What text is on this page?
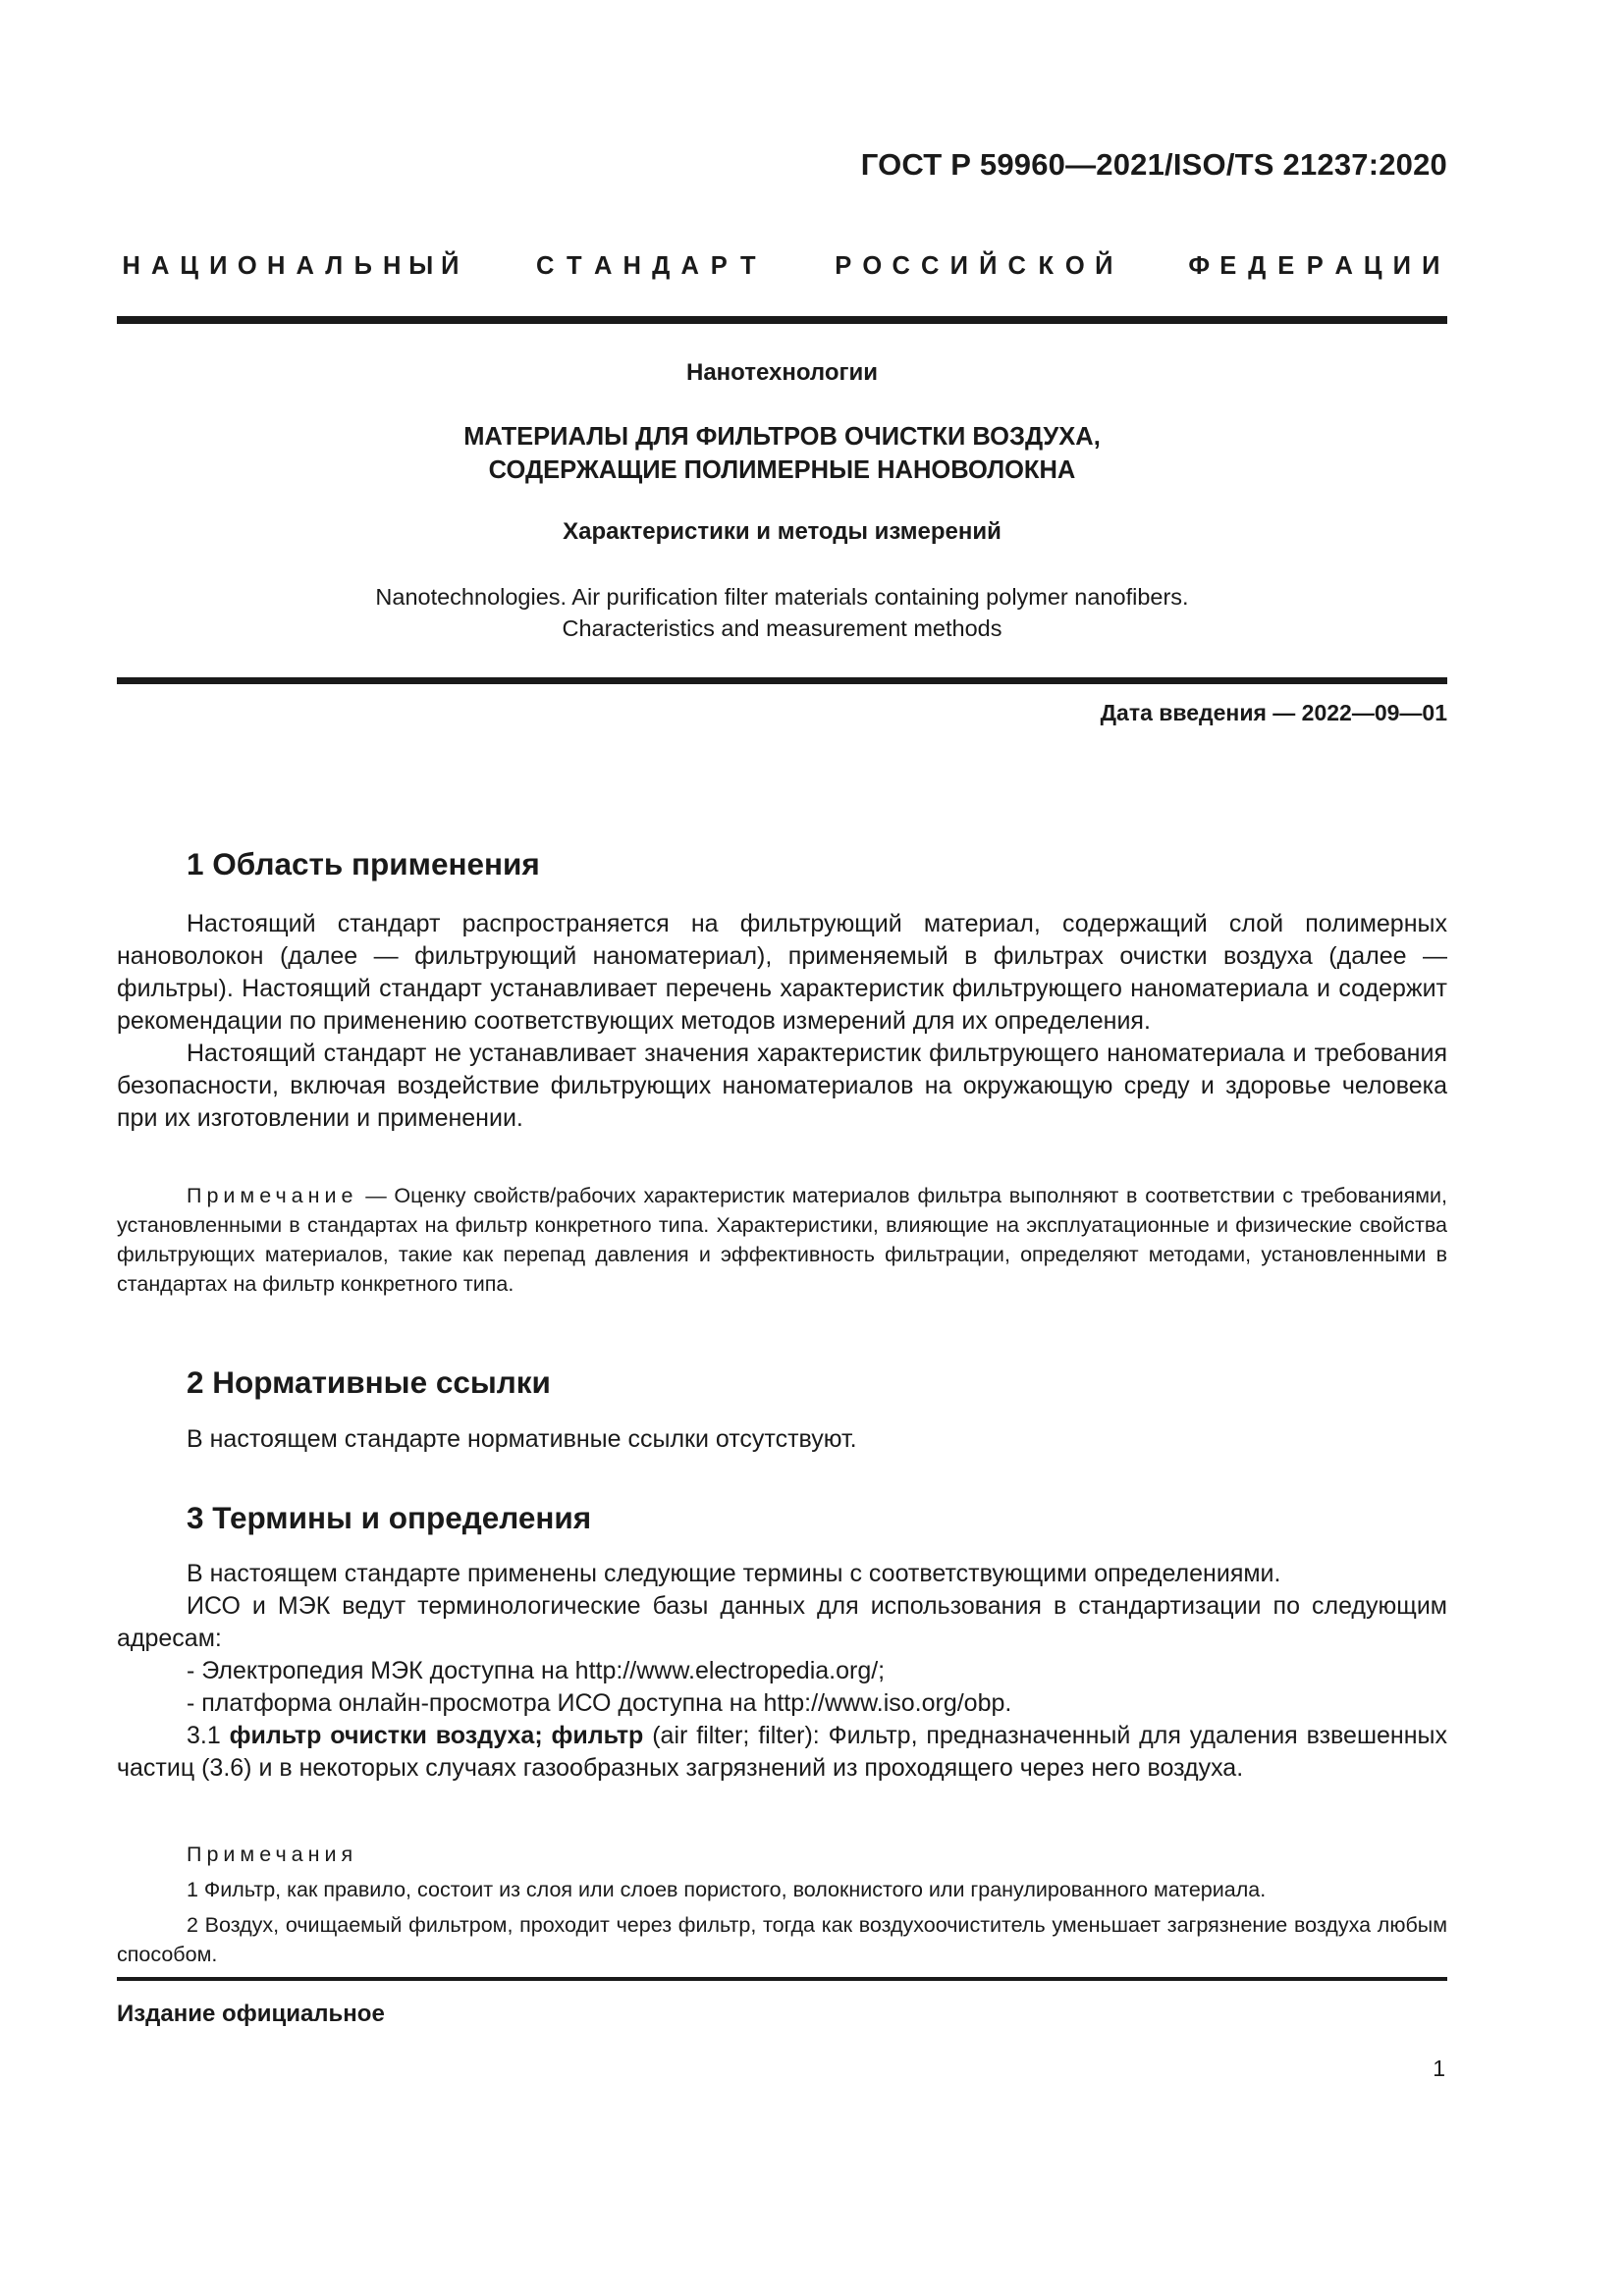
ГОСТ Р 59960—2021/ISO/TS 21237:2020
Н А Ц И О Н А Л Ь Н Ы Й	С Т А Н Д А Р Т	Р О С С И Й С К О Й	Ф Е Д Е Р А Ц И И
Нанотехнологии
МАТЕРИАЛЫ ДЛЯ ФИЛЬТРОВ ОЧИСТКИ ВОЗДУХА,
СОДЕРЖАЩИЕ ПОЛИМЕРНЫЕ НАНОВОЛОКНА
Характеристики и методы измерений
Nanotechnologies. Air purification filter materials containing polymer nanofibers.
Characteristics and measurement methods
Дата введения — 2022—09—01
1 Область применения

Настоящий стандарт распространяется на фильтрующий материал, содержащий слой полимерных нановолокон (далее — фильтрующий наноматериал), применяемый в фильтрах очистки воздуха (далее — фильтры). Настоящий стандарт устанавливает перечень характеристик фильтрующего наноматериала и содержит рекомендации по применению соответствующих методов измерений для их определения.

Настоящий стандарт не устанавливает значения характеристик фильтрующего наноматериала и требования безопасности, включая воздействие фильтрующих наноматериалов на окружающую среду и здоровье человека при их изготовлении и применении.

Примечание — Оценку свойств/рабочих характеристик материалов фильтра выполняют в соответствии с требованиями, установленными в стандартах на фильтр конкретного типа. Характеристики, влияющие на эксплуатационные и физические свойства фильтрующих материалов, такие как перепад давления и эффективность фильтрации, определяют методами, установленными в стандартах на фильтр конкретного типа.

2 Нормативные ссылки

В настоящем стандарте нормативные ссылки отсутствуют.

3 Термины и определения

В настоящем стандарте применены следующие термины с соответствующими определениями.

ИСО и МЭК ведут терминологические базы данных для использования в стандартизации по следующим адресам:

- Электропедия МЭК доступна на http://www.electropedia.org/;

- платформа онлайн-просмотра ИСО доступна на http://www.iso.org/obp.

3.1 фильтр очистки воздуха; фильтр (air filter; filter): Фильтр, предназначенный для удаления взвешенных частиц (3.6) и в некоторых случаях газообразных загрязнений из проходящего через него воздуха.

Примечания

1 Фильтр, как правило, состоит из слоя или слоев пористого, волокнистого или гранулированного материала.

2 Воздух, очищаемый фильтром, проходит через фильтр, тогда как воздухоочиститель уменьшает загрязнение воздуха любым способом.

Издание официальное
1
